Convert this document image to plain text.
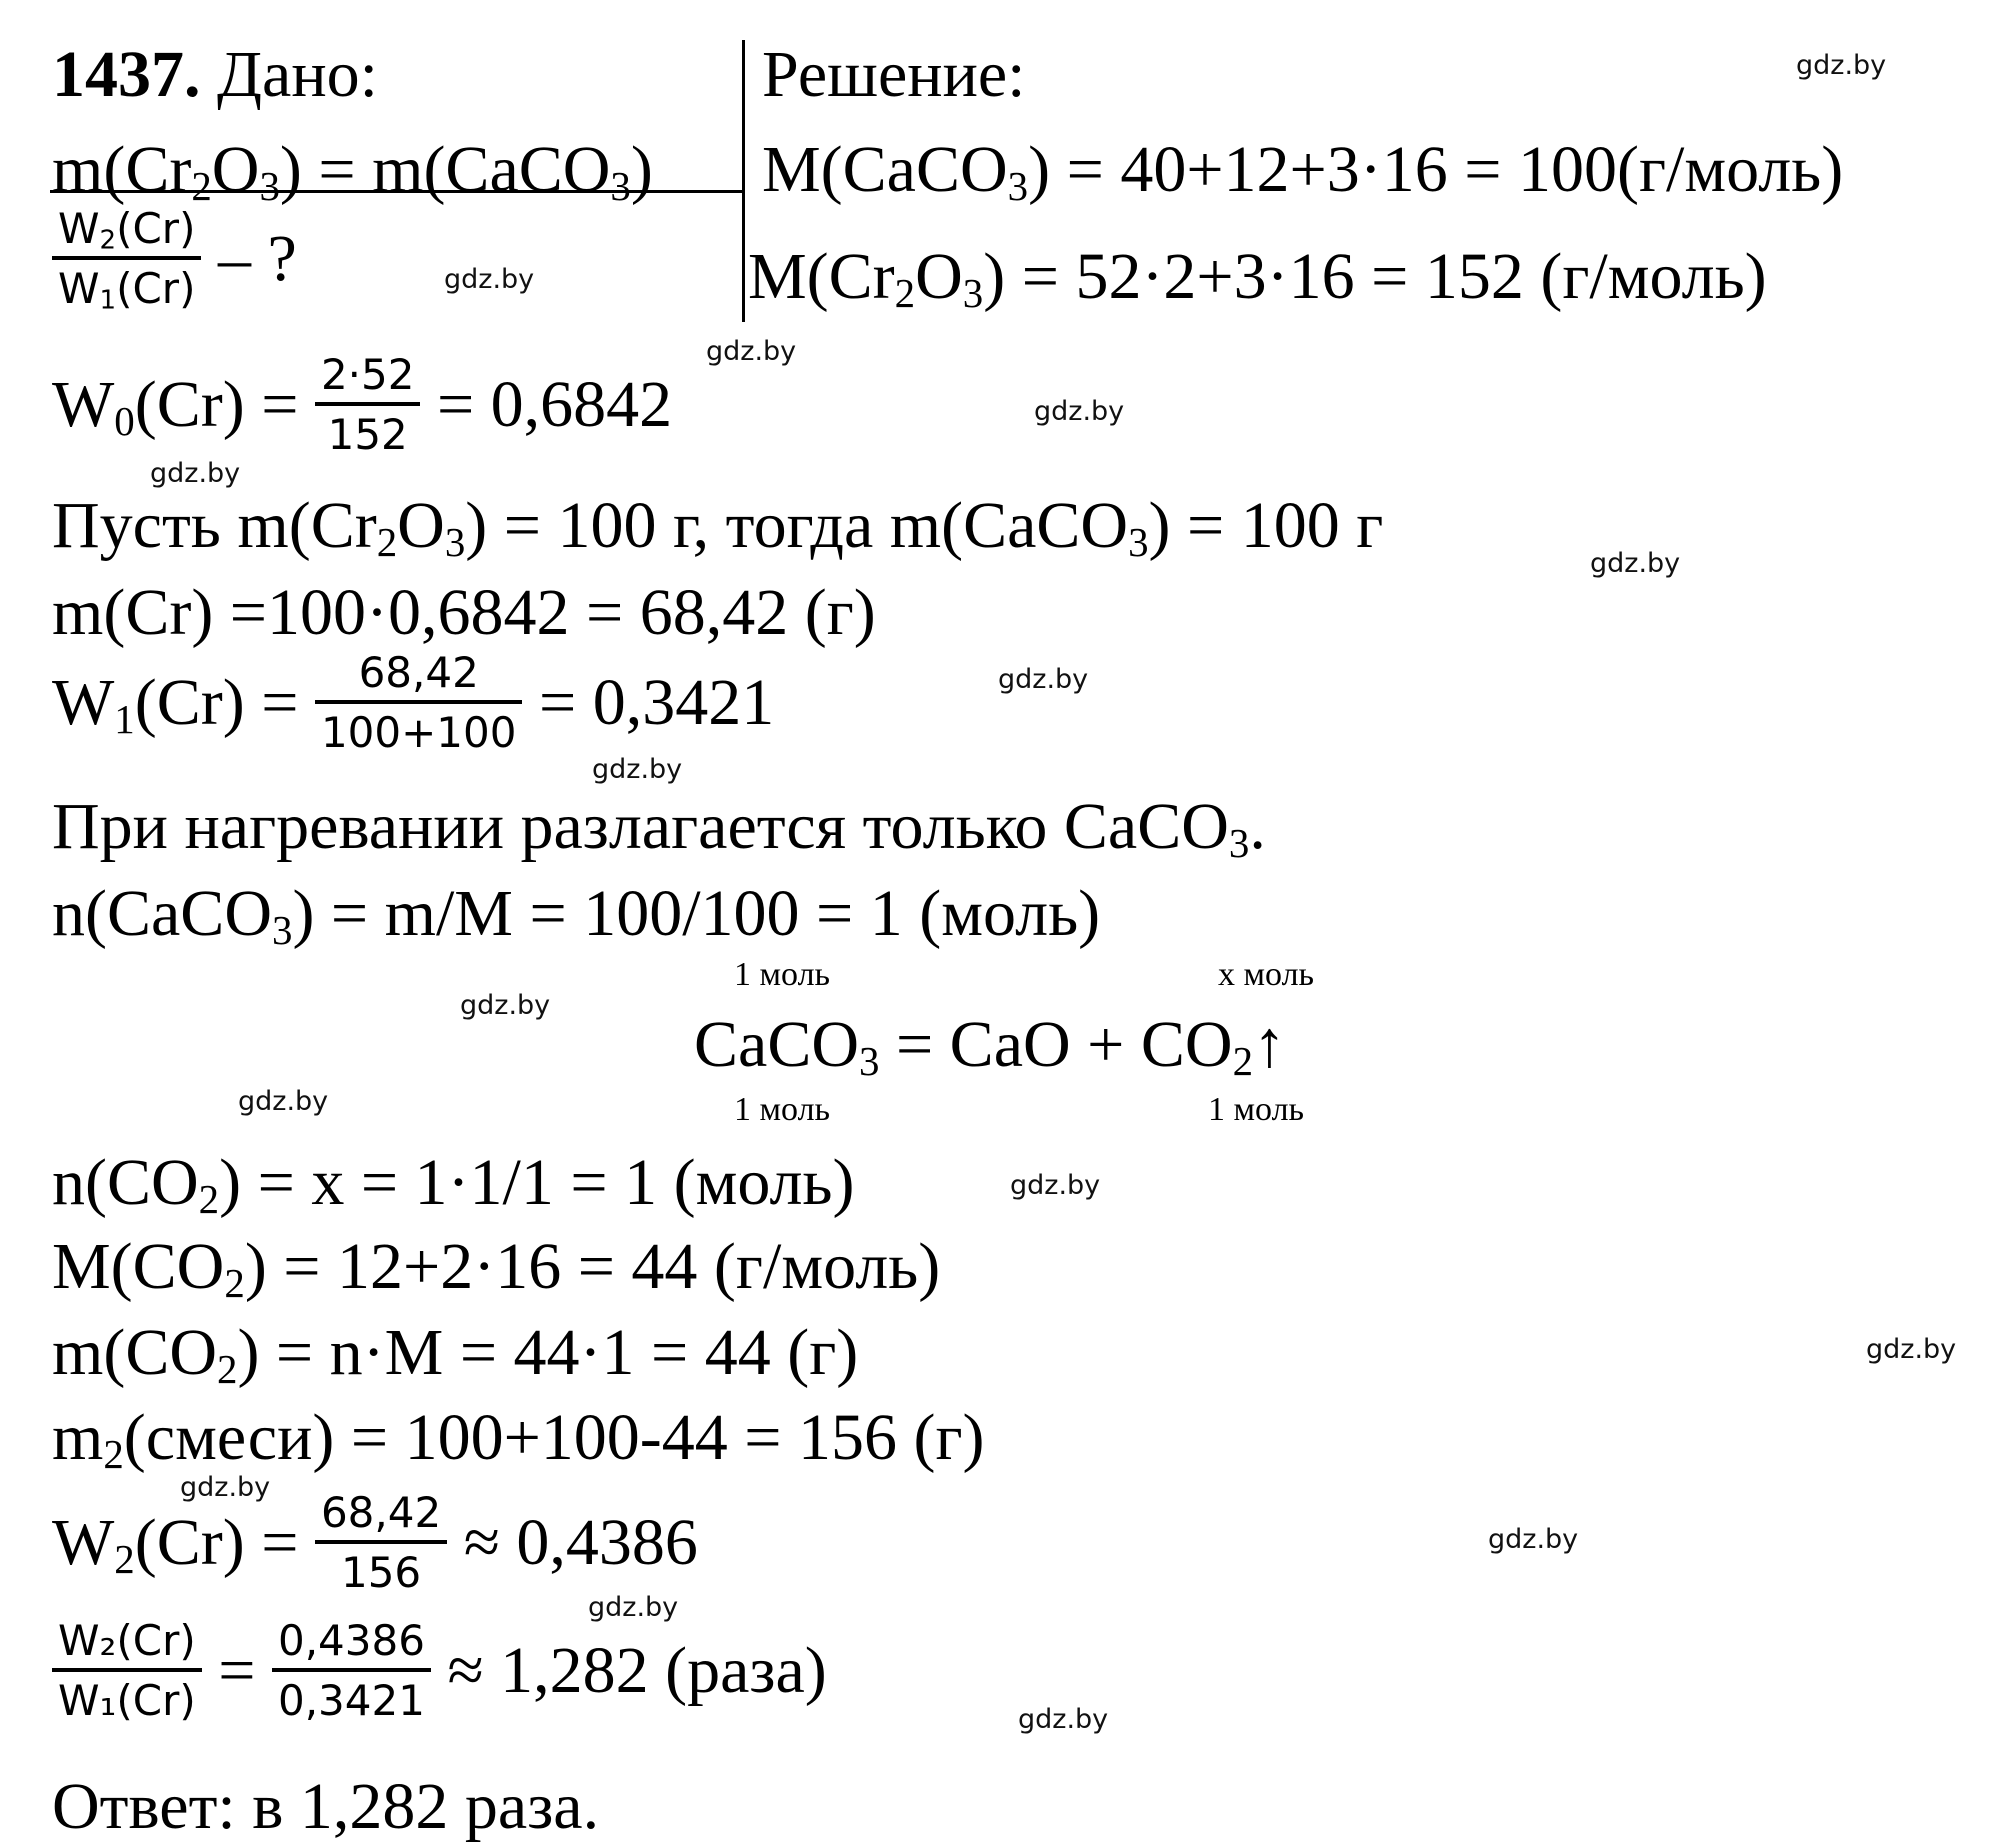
1437. Дано:	Решение:
$m(Cr_2O_3)$ = m(CaCO$_3$)
$\frac{W_2(Cr)}{W_1(Cr)}$ – ?
M(CaCO$_3$) = 40+12+3·16 = 100(г/моль)
$M(Cr_2O_3) = 52\cdot 2+3\cdot 16 = 152$ (г/моль)
$W_0(Cr) = \frac{2\cdot 52}{152} = 0,6842$
Пусть $m(Cr_2O_3) = 100$ г, тогда m(CaCO$_3$) = 100 г
m(Cr) =100·0,6842 = 68,42 (г)
$W_1(Cr) = \frac{68,42}{100+100} = 0,3421$
При нагревании разлагается только CaCO$_3$.
n(CaCO$_3$) = m/M = 100/100 = 1 (моль)
1 моль	x моль
CaCO$_3$ = CaO + $CO_2↑$
1 моль	1 моль
$n(CO_2) = x = 1\cdot 1/1 = 1$ (моль)
$M(CO_2) = 12+2\cdot 16 = 44$ (г/моль)
$m(CO_2) = n\cdot M = 44\cdot 1 = 44$ (г)
$m_2(смеси) = 100+100-44 = 156$ (г)
$W_2(Cr) = \frac{68,42}{156} \approx 0,4386$
$\frac{\text{W₂(Cr)}}{\text{W₁(Cr)}} = \frac{0,4386}{0,3421} \approx 1,282$ (раза)
Ответ: в 1,282 раза.
gdz.by
gdz.by
gdz.by
gdz.by
gdz.by
gdz.by
gdz.by
gdz.by
gdz.by
gdz.by
gdz.by
gdz.by
gdz.by
gdz.by
gdz.by
gdz.by
